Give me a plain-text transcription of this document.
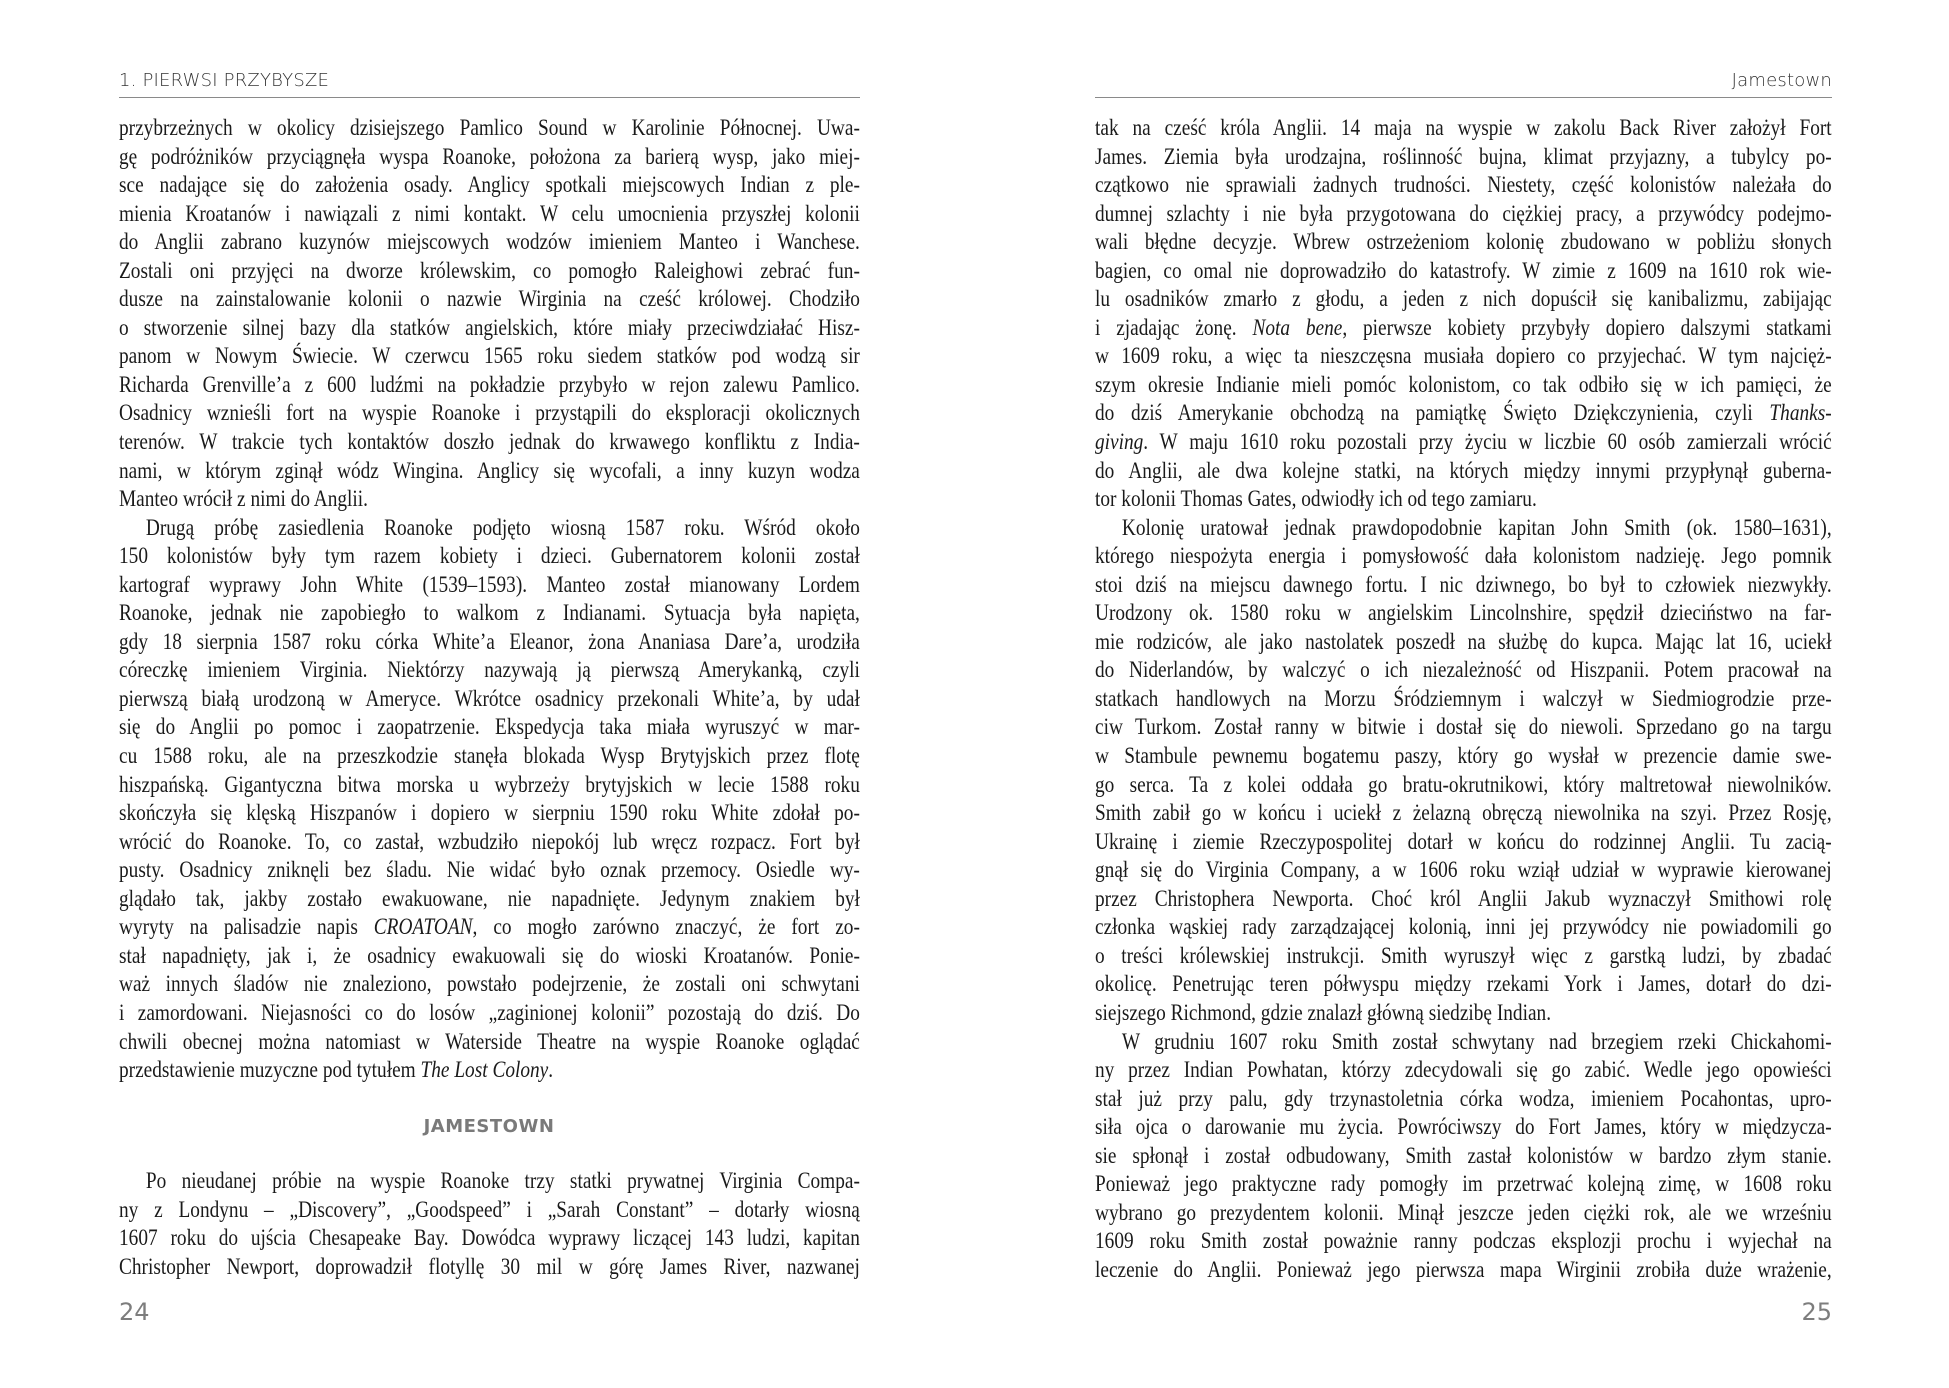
1. PIERWSI PRZYBYSZE
przybrzeżnych w okolicy dzisiejszego Pamlico Sound w Karolinie Północnej. Uwa-
gę podróżników przyciągnęła wyspa Roanoke, położona za barierą wysp, jako miej-
sce nadające się do założenia osady. Anglicy spotkali miejscowych Indian z ple-
mienia Kroatanów i nawiązali z nimi kontakt. W celu umocnienia przyszłej kolonii
do Anglii zabrano kuzynów miejscowych wodzów imieniem Manteo i Wanchese.
Zostali oni przyjęci na dworze królewskim, co pomogło Raleighowi zebrać fun-
dusze na zainstalowanie kolonii o nazwie Wirginia na cześć królowej. Chodziło
o stworzenie silnej bazy dla statków angielskich, które miały przeciwdziałać Hisz-
panom w Nowym Świecie. W czerwcu 1565 roku siedem statków pod wodzą sir
Richarda Grenville’a z 600 ludźmi na pokładzie przybyło w rejon zalewu Pamlico.
Osadnicy wznieśli fort na wyspie Roanoke i przystąpili do eksploracji okolicznych
terenów. W trakcie tych kontaktów doszło jednak do krwawego konfliktu z India-
nami, w którym zginął wódz Wingina. Anglicy się wycofali, a inny kuzyn wodza
Manteo wrócił z nimi do Anglii.
Drugą próbę zasiedlenia Roanoke podjęto wiosną 1587 roku. Wśród około
150 kolonistów były tym razem kobiety i dzieci. Gubernatorem kolonii został
kartograf wyprawy John White (1539–1593). Manteo został mianowany Lordem
Roanoke, jednak nie zapobiegło to walkom z Indianami. Sytuacja była napięta,
gdy 18 sierpnia 1587 roku córka White’a Eleanor, żona Ananiasa Dare’a, urodziła
córeczkę imieniem Virginia. Niektórzy nazywają ją pierwszą Amerykanką, czyli
pierwszą białą urodzoną w Ameryce. Wkrótce osadnicy przekonali White’a, by udał
się do Anglii po pomoc i zaopatrzenie. Ekspedycja taka miała wyruszyć w mar-
cu 1588 roku, ale na przeszkodzie stanęła blokada Wysp Brytyjskich przez flotę
hiszpańską. Gigantyczna bitwa morska u wybrzeży brytyjskich w lecie 1588 roku
skończyła się klęską Hiszpanów i dopiero w sierpniu 1590 roku White zdołał po-
wrócić do Roanoke. To, co zastał, wzbudziło niepokój lub wręcz rozpacz. Fort był
pusty. Osadnicy zniknęli bez śladu. Nie widać było oznak przemocy. Osiedle wy-
glądało tak, jakby zostało ewakuowane, nie napadnięte. Jedynym znakiem był
wyryty na palisadzie napis CROATOAN, co mogło zarówno znaczyć, że fort zo-
stał napadnięty, jak i, że osadnicy ewakuowali się do wioski Kroatanów. Ponie-
waż innych śladów nie znaleziono, powstało podejrzenie, że zostali oni schwytani
i zamordowani. Niejasności co do losów „zaginionej kolonii” pozostają do dziś. Do
chwili obecnej można natomiast w Waterside Theatre na wyspie Roanoke oglądać
przedstawienie muzyczne pod tytułem The Lost Colony.
JAMESTOWN
Po nieudanej próbie na wyspie Roanoke trzy statki prywatnej Virginia Compa-
ny z Londynu – „Discovery”, „Goodspeed” i „Sarah Constant” – dotarły wiosną
1607 roku do ujścia Chesapeake Bay. Dowódca wyprawy liczącej 143 ludzi, kapitan
Christopher Newport, doprowadził flotyllę 30 mil w górę James River, nazwanej
24
Jamestown
tak na cześć króla Anglii. 14 maja na wyspie w zakolu Back River założył Fort
James. Ziemia była urodzajna, roślinność bujna, klimat przyjazny, a tubylcy po-
czątkowo nie sprawiali żadnych trudności. Niestety, część kolonistów należała do
dumnej szlachty i nie była przygotowana do ciężkiej pracy, a przywódcy podejmo-
wali błędne decyzje. Wbrew ostrzeżeniom kolonię zbudowano w pobliżu słonych
bagien, co omal nie doprowadziło do katastrofy. W zimie z 1609 na 1610 rok wie-
lu osadników zmarło z głodu, a jeden z nich dopuścił się kanibalizmu, zabijając
i zjadając żonę. Nota bene, pierwsze kobiety przybyły dopiero dalszymi statkami
w 1609 roku, a więc ta nieszczęsna musiała dopiero co przyjechać. W tym najcięż-
szym okresie Indianie mieli pomóc kolonistom, co tak odbiło się w ich pamięci, że
do dziś Amerykanie obchodzą na pamiątkę Święto Dziękczynienia, czyli Thanks-
giving. W maju 1610 roku pozostali przy życiu w liczbie 60 osób zamierzali wrócić
do Anglii, ale dwa kolejne statki, na których między innymi przypłynął guberna-
tor kolonii Thomas Gates, odwiodły ich od tego zamiaru.
Kolonię uratował jednak prawdopodobnie kapitan John Smith (ok. 1580–1631),
którego niespożyta energia i pomysłowość dała kolonistom nadzieję. Jego pomnik
stoi dziś na miejscu dawnego fortu. I nic dziwnego, bo był to człowiek niezwykły.
Urodzony ok. 1580 roku w angielskim Lincolnshire, spędził dzieciństwo na far-
mie rodziców, ale jako nastolatek poszedł na służbę do kupca. Mając lat 16, uciekł
do Niderlandów, by walczyć o ich niezależność od Hiszpanii. Potem pracował na
statkach handlowych na Morzu Śródziemnym i walczył w Siedmiogrodzie prze-
ciw Turkom. Został ranny w bitwie i dostał się do niewoli. Sprzedano go na targu
w Stambule pewnemu bogatemu paszy, który go wysłał w prezencie damie swe-
go serca. Ta z kolei oddała go bratu-okrutnikowi, który maltretował niewolników.
Smith zabił go w końcu i uciekł z żelazną obręczą niewolnika na szyi. Przez Rosję,
Ukrainę i ziemie Rzeczypospolitej dotarł w końcu do rodzinnej Anglii. Tu zacią-
gnął się do Virginia Company, a w 1606 roku wziął udział w wyprawie kierowanej
przez Christophera Newporta. Choć król Anglii Jakub wyznaczył Smithowi rolę
członka wąskiej rady zarządzającej kolonią, inni jej przywódcy nie powiadomili go
o treści królewskiej instrukcji. Smith wyruszył więc z garstką ludzi, by zbadać
okolicę. Penetrując teren półwyspu między rzekami York i James, dotarł do dzi-
siejszego Richmond, gdzie znalazł główną siedzibę Indian.
W grudniu 1607 roku Smith został schwytany nad brzegiem rzeki Chickahomi-
ny przez Indian Powhatan, którzy zdecydowali się go zabić. Wedle jego opowieści
stał już przy palu, gdy trzynastoletnia córka wodza, imieniem Pocahontas, upro-
siła ojca o darowanie mu życia. Powróciwszy do Fort James, który w międzycza-
sie spłonął i został odbudowany, Smith zastał kolonistów w bardzo złym stanie.
Ponieważ jego praktyczne rady pomogły im przetrwać kolejną zimę, w 1608 roku
wybrano go prezydentem kolonii. Minął jeszcze jeden ciężki rok, ale we wrześniu
1609 roku Smith został poważnie ranny podczas eksplozji prochu i wyjechał na
leczenie do Anglii. Ponieważ jego pierwsza mapa Wirginii zrobiła duże wrażenie,
25
